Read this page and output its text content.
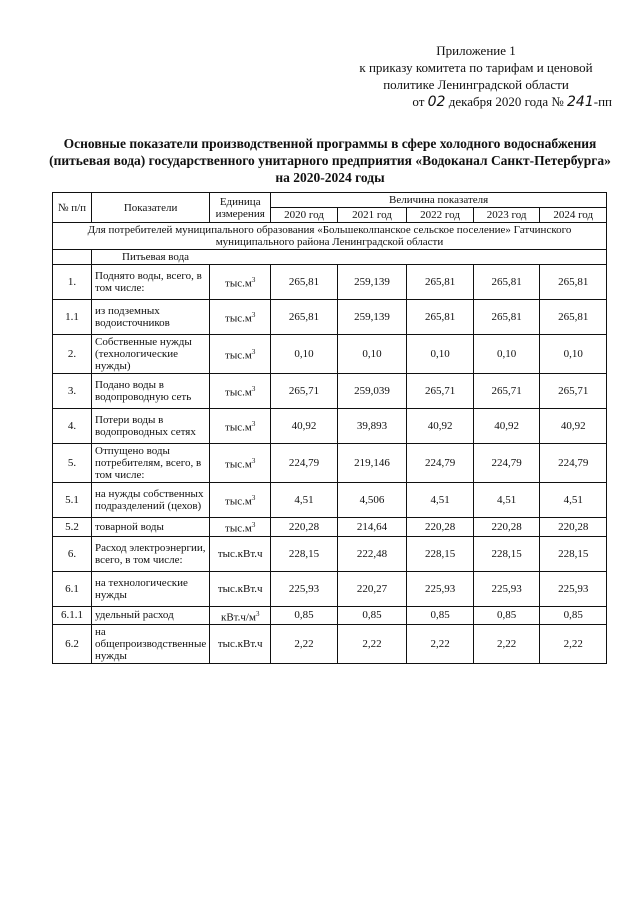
Приложение 1
к приказу комитета по тарифам и ценовой
политике Ленинградской области
от 02 декабря 2020 года № 241-пп
Основные показатели производственной программы в сфере холодного водоснабжения
(питьевая вода) государственного унитарного предприятия «Водоканал Санкт-Петербурга»
на 2020-2024 годы
№ п/п	Показатели	Единица измерения	Величина показателя				
			2020 год	2021 год	2022 год	2023 год	2024 год
Для потребителей муниципального образования «Большеколпанское сельское поселение» Гатчинского муниципального района Ленинградской области							
	Питьевая вода						
1.	Поднято воды, всего, в том числе:	$тыс.м^3$	265,81	259,139	265,81	265,81	265,81
1.1	из подземных водоисточников	$тыс.м^3$	265,81	259,139	265,81	265,81	265,81
2.	Собственные нужды (технологические нужды)	$тыс.м^3$	0,10	0,10	0,10	0,10	0,10
3.	Подано воды в водопроводную сеть	$тыс.м^3$	265,71	259,039	265,71	265,71	265,71
4.	Потери воды в водопроводных сетях	$тыс.м^3$	40,92	39,893	40,92	40,92	40,92
5.	Отпущено воды потребителям, всего, в том числе:	$тыс.м^3$	224,79	219,146	224,79	224,79	224,79
5.1	на нужды собственных подразделений (цехов)	$тыс.м^3$	4,51	4,506	4,51	4,51	4,51
5.2	товарной воды	$тыс.м^3$	220,28	214,64	220,28	220,28	220,28
6.	Расход электроэнергии, всего, в том числе:	тыс.кВт.ч	228,15	222,48	228,15	228,15	228,15
6.1	на технологические нужды	тыс.кВт.ч	225,93	220,27	225,93	225,93	225,93
6.1.1	удельный расход	$кВт.ч/м^3$	0,85	0,85	0,85	0,85	0,85
6.2	на общепроизводственные нужды	тыс.кВт.ч	2,22	2,22	2,22	2,22	2,22
